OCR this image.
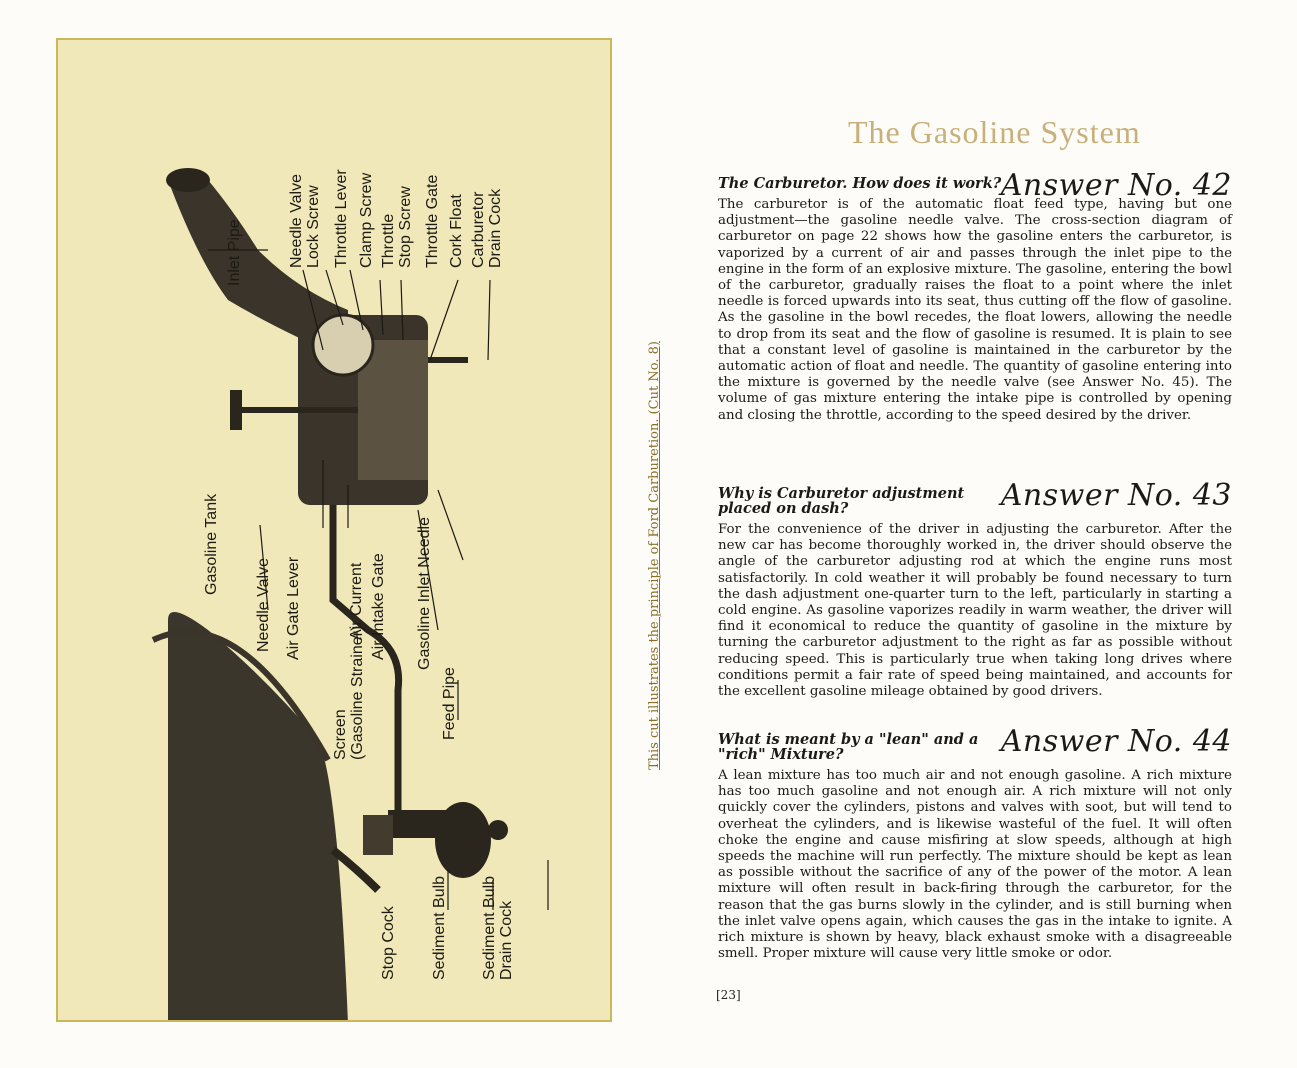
Inlet Pipe	Needle Valve
Lock Screw Throttle Lever Clamp Screw Throttle
Stop Screw Throttle Gate Cork Float Carburetor
Drain Cock
Gasoline Tank
Needle Valve Air Gate Lever	Air Current Air Intake Gate Gasoline Inlet Needle
Screen
(Gasoline Strainer)
Feed Pipe
Stop Cock Sediment Bulb Sediment Bulb
Drain Cock
This cut illustrates the principle of Ford Carburetion. (Cut No. 8)
The Gasoline System
The Carburetor. How does it work? Answer No. 42
The carburetor is of the automatic float feed type, having but one adjustment—the gasoline needle valve. The cross-section diagram of carburetor on page 22 shows how the gasoline enters the carburetor, is vaporized by a current of air and passes through the inlet pipe to the engine in the form of an explosive mixture. The gasoline, entering the bowl of the carburetor, gradually raises the float to a point where the inlet needle is forced upwards into its seat, thus cutting off the flow of gasoline. As the gasoline in the bowl recedes, the float lowers, allowing the needle to drop from its seat and the flow of gasoline is resumed. It is plain to see that a constant level of gasoline is maintained in the carburetor by the automatic action of float and needle. The quantity of gasoline entering into the mixture is governed by the needle valve (see Answer No. 45). The volume of gas mixture entering the intake pipe is controlled by opening and closing the throttle, according to the speed desired by the driver.
Why is Carburetor adjustment placed on dash?	Answer No. 43
For the convenience of the driver in adjusting the carburetor. After the new car has become thoroughly worked in, the driver should observe the angle of the carburetor adjusting rod at which the engine runs most satisfactorily. In cold weather it will probably be found necessary to turn the dash adjustment one-quarter turn to the left, particularly in starting a cold engine. As gasoline vaporizes readily in warm weather, the driver will find it economical to reduce the quantity of gasoline in the mixture by turning the carburetor adjustment to the right as far as possible without reducing speed. This is particularly true when taking long drives where conditions permit a fair rate of speed being maintained, and accounts for the excellent gasoline mileage obtained by good drivers.
What is meant by a "lean" and a "rich" Mixture?	Answer No. 44
A lean mixture has too much air and not enough gasoline. A rich mixture has too much gasoline and not enough air. A rich mixture will not only quickly cover the cylinders, pistons and valves with soot, but will tend to overheat the cylinders, and is likewise wasteful of the fuel. It will often choke the engine and cause misfiring at slow speeds, although at high speeds the machine will run perfectly. The mixture should be kept as lean as possible without the sacrifice of any of the power of the motor. A lean mixture will often result in back-firing through the carburetor, for the reason that the gas burns slowly in the cylinder, and is still burning when the inlet valve opens again, which causes the gas in the intake to ignite. A rich mixture is shown by heavy, black exhaust smoke with a disagreeable smell. Proper mixture will cause very little smoke or odor.
[23]
